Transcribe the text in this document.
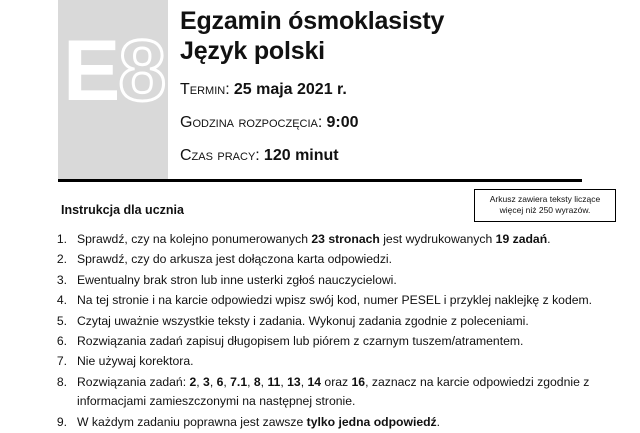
E8
Egzamin ósmoklasisty
Język polski
Termin: 25 maja 2021 r.
Godzina rozpoczęcia: 9:00
Czas pracy: 120 minut
Arkusz zawiera teksty liczące
więcej niż 250 wyrazów.
Instrukcja dla ucznia
1. Sprawdź, czy na kolejno ponumerowanych 23 stronach jest wydrukowanych 19 zadań.
2. Sprawdź, czy do arkusza jest dołączona karta odpowiedzi.
3. Ewentualny brak stron lub inne usterki zgłoś nauczycielowi.
4. Na tej stronie i na karcie odpowiedzi wpisz swój kod, numer PESEL i przyklej naklejkę z kodem.
5. Czytaj uważnie wszystkie teksty i zadania. Wykonuj zadania zgodnie z poleceniami.
6. Rozwiązania zadań zapisuj długopisem lub piórem z czarnym tuszem/atramentem.
7. Nie używaj korektora.
8. Rozwiązania zadań: 2, 3, 6, 7.1, 8, 11, 13, 14 oraz 16, zaznacz na karcie odpowiedzi zgodnie z informacjami zamieszczonymi na następnej stronie.
9. W każdym zadaniu poprawna jest zawsze tylko jedna odpowiedź.
